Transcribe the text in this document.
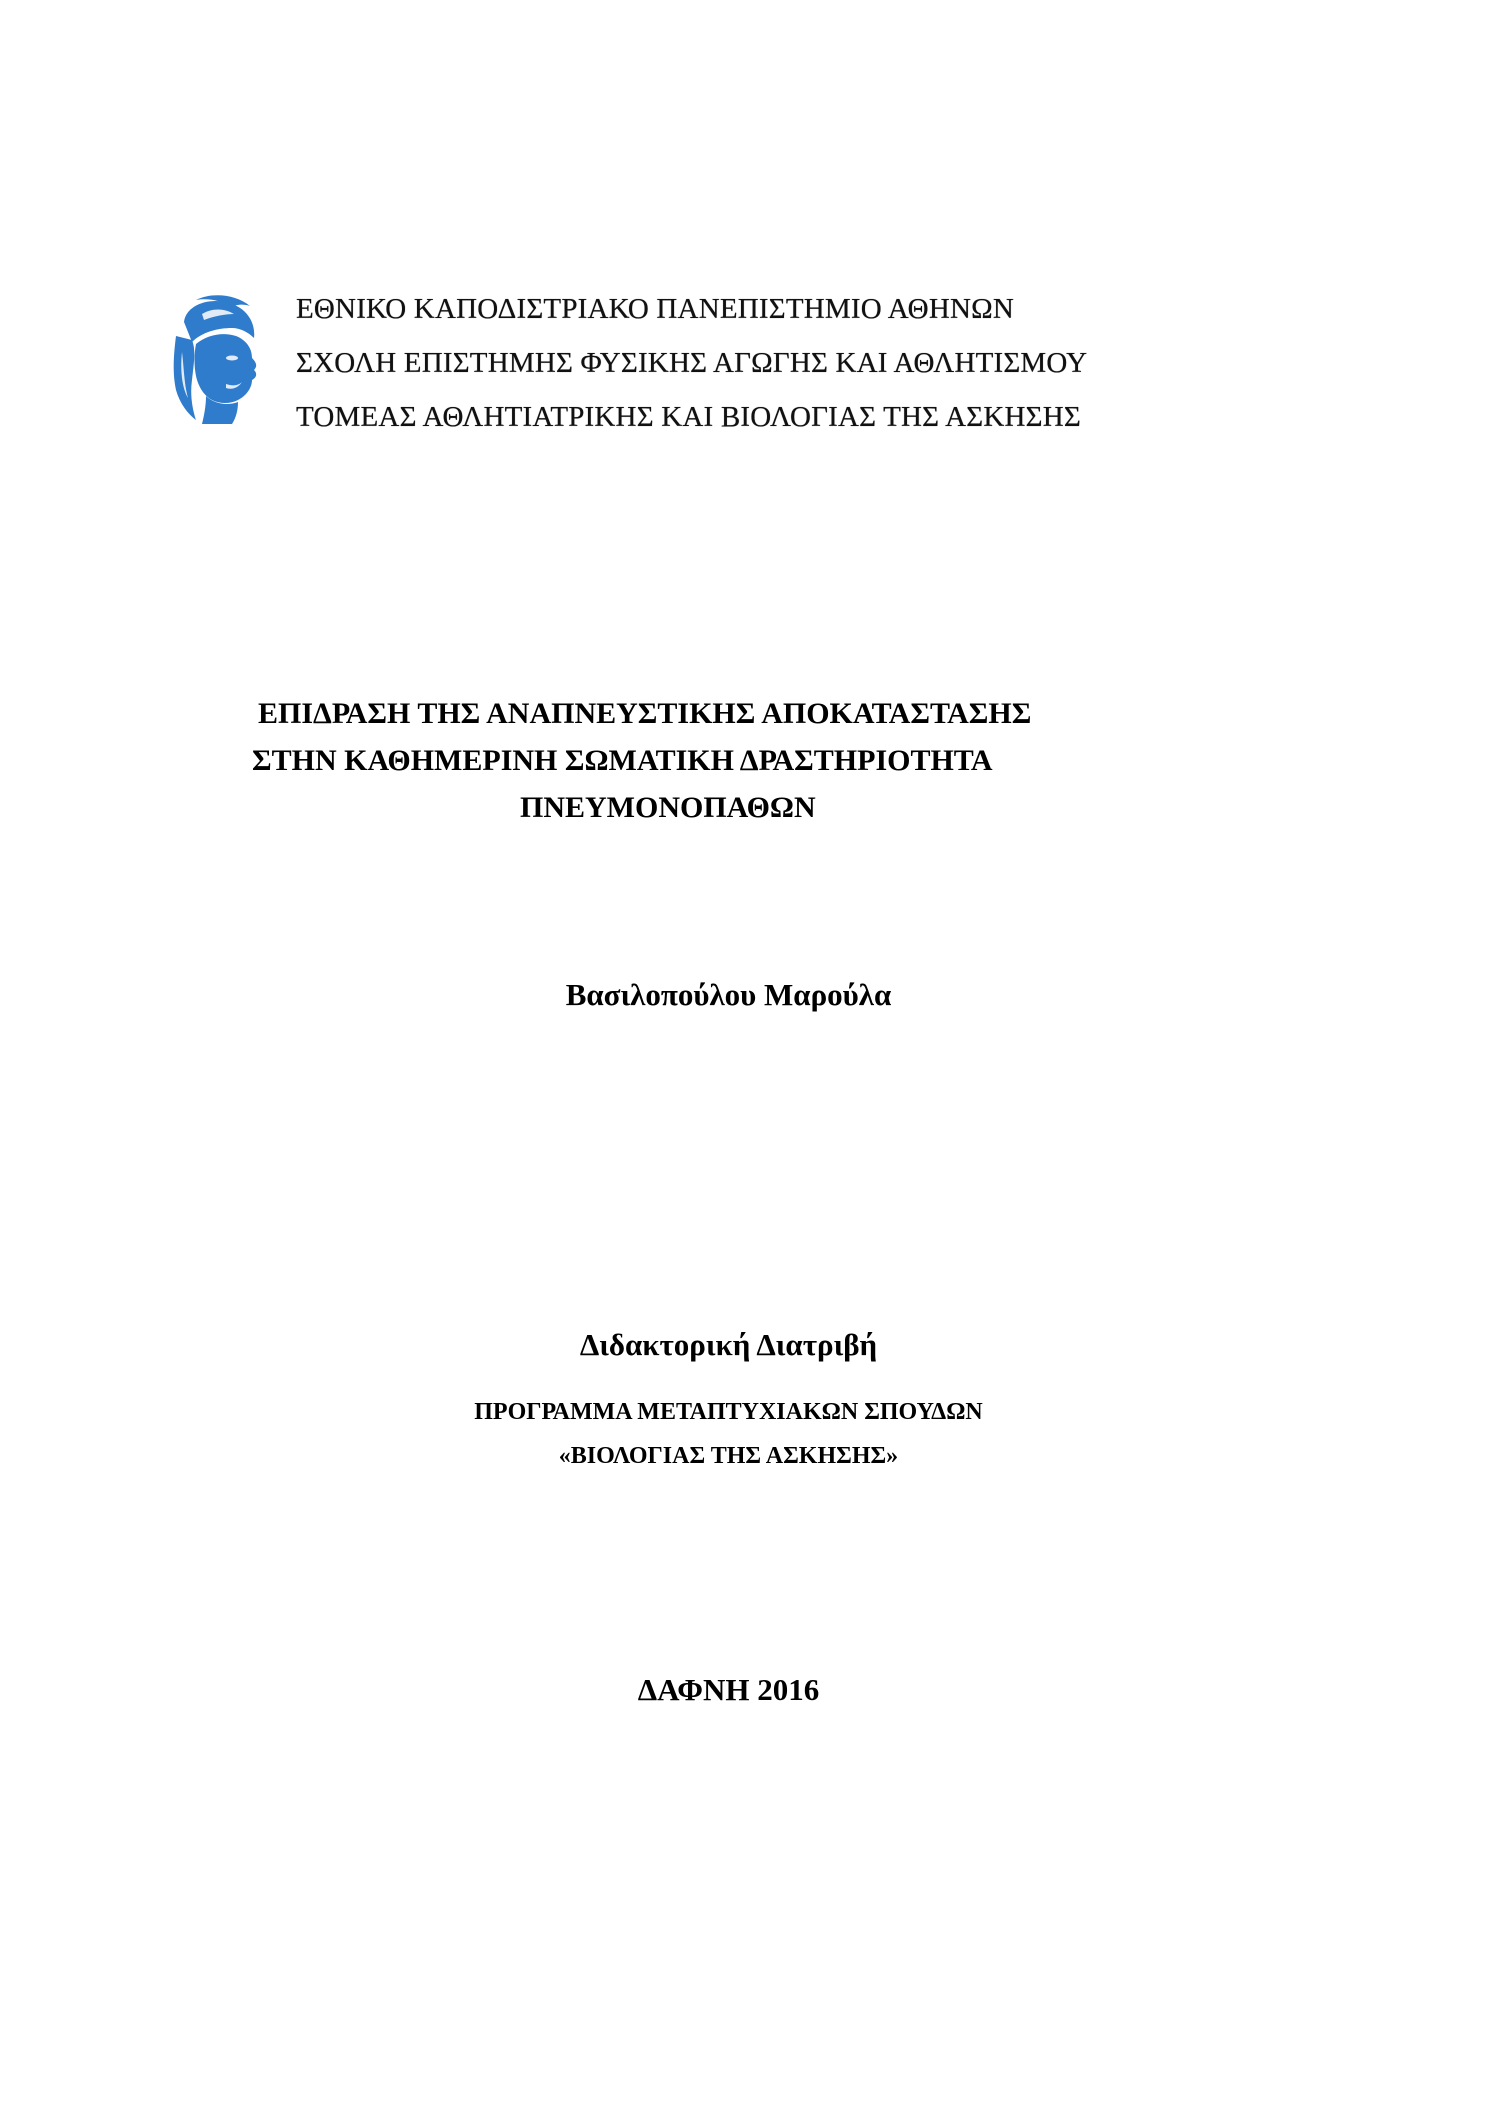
ΕΘΝΙΚΟ ΚΑΠΟΔΙΣΤΡΙΑΚΟ ΠΑΝΕΠΙΣΤΗΜΙΟ ΑΘΗΝΩΝ
ΣΧΟΛΗ ΕΠΙΣΤΗΜΗΣ ΦΥΣΙΚΗΣ ΑΓΩΓΗΣ ΚΑΙ ΑΘΛΗΤΙΣΜΟΥ
ΤΟΜΕΑΣ ΑΘΛΗΤΙΑΤΡΙΚΗΣ ΚΑΙ ΒΙΟΛΟΓΙΑΣ ΤΗΣ ΑΣΚΗΣΗΣ
ΕΠΙΔΡΑΣΗ ΤΗΣ ΑΝΑΠΝΕΥΣΤΙΚΗΣ ΑΠΟΚΑΤΑΣΤΑΣΗΣ
ΣΤΗΝ ΚΑΘΗΜΕΡΙΝΗ ΣΩΜΑΤΙΚΗ ΔΡΑΣΤΗΡΙΟΤΗΤΑ
ΠΝΕΥΜΟΝΟΠΑΘΩΝ
Βασιλοπούλου Μαρούλα
Διδακτορική Διατριβή
ΠΡΟΓΡΑΜΜΑ ΜΕΤΑΠΤΥΧΙΑΚΩΝ ΣΠΟΥΔΩΝ
«ΒΙΟΛΟΓΙΑΣ ΤΗΣ ΑΣΚΗΣΗΣ»
ΔΑΦΝΗ 2016
